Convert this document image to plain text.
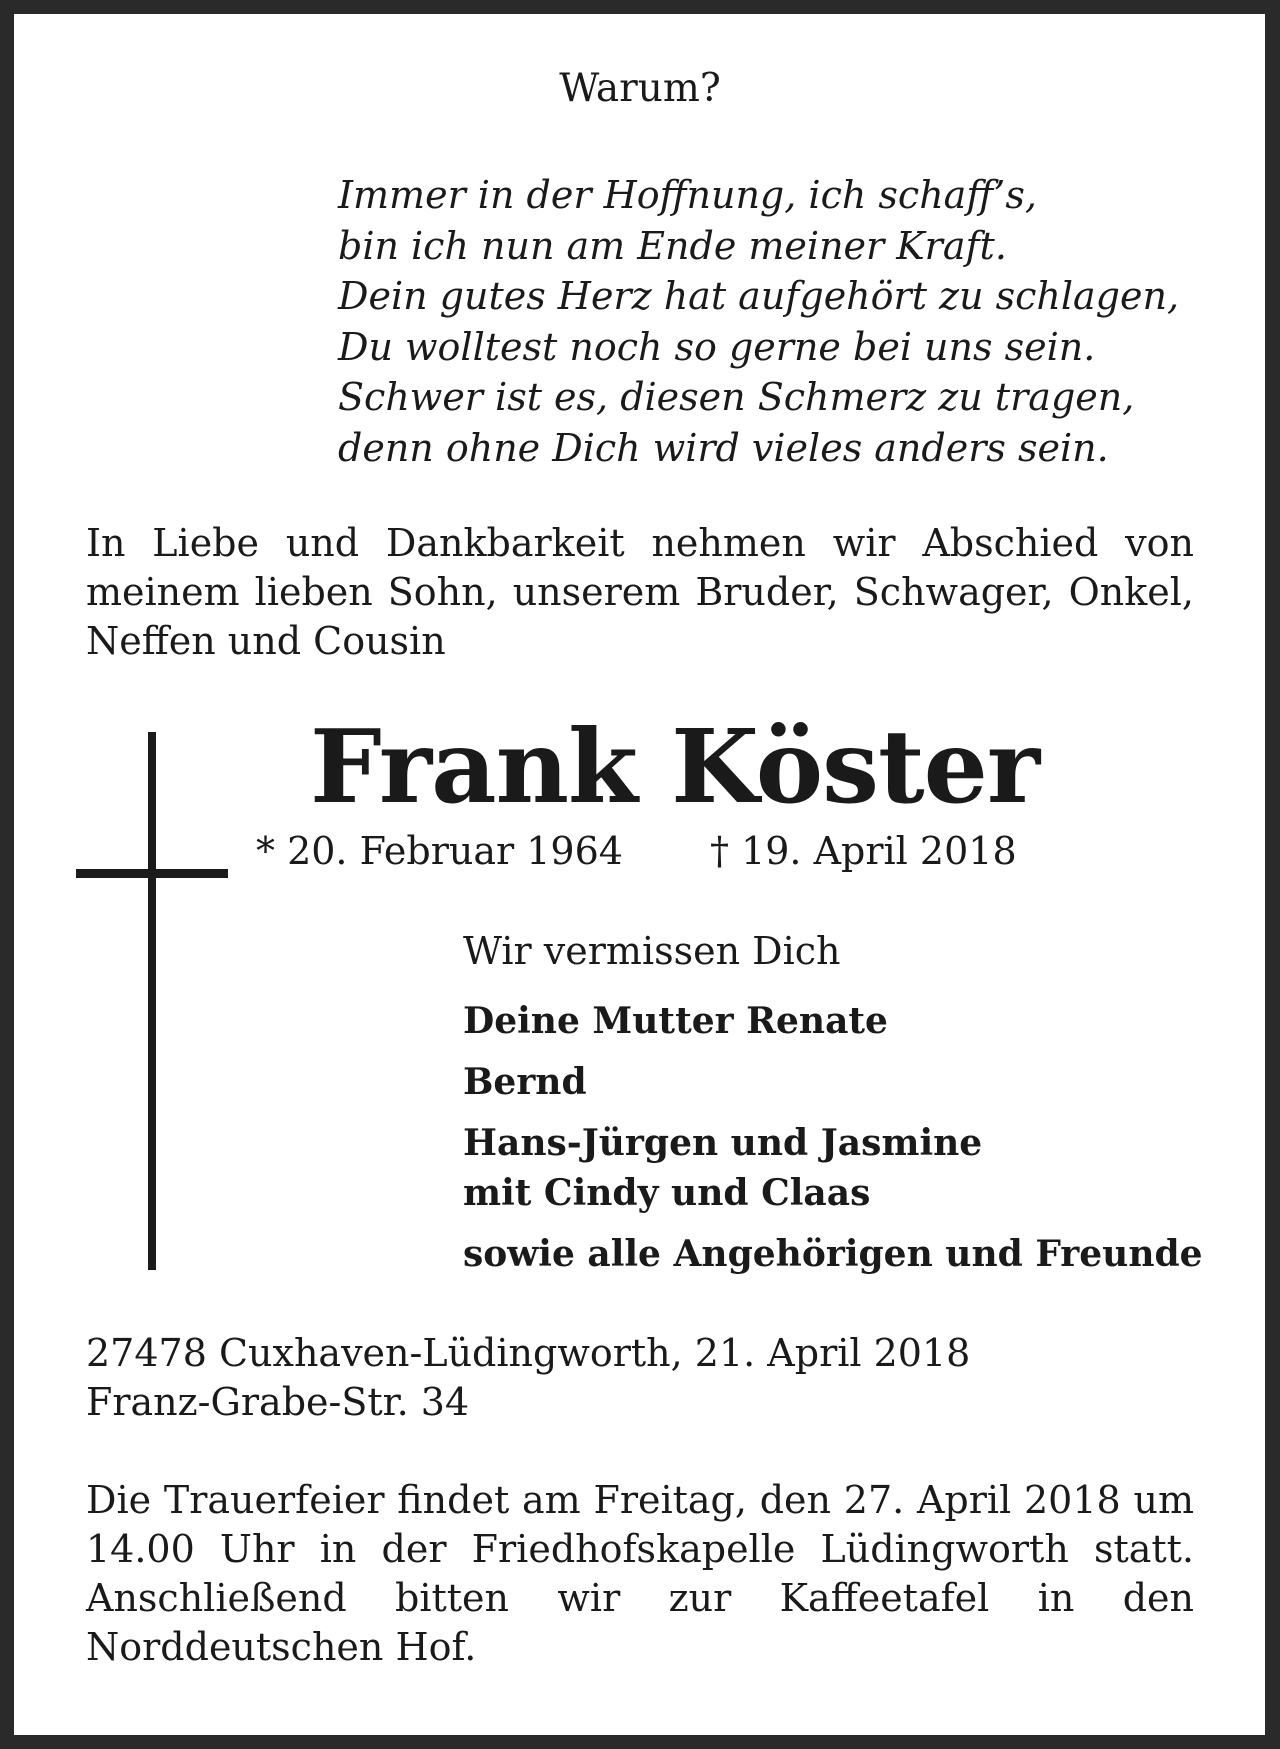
Warum?

Immer in der Hoffnung, ich schaff’s,
bin ich nun am Ende meiner Kraft.
Dein gutes Herz hat aufgehört zu schlagen,
Du wolltest noch so gerne bei uns sein.
Schwer ist es, diesen Schmerz zu tragen,
denn ohne Dich wird vieles anders sein.

In Liebe und Dankbarkeit nehmen wir Abschied von meinem lieben Sohn, unserem Bruder, Schwager, Onkel, Neffen und Cousin

Frank Köster
* 20. Februar 1964 † 19. April 2018
Wir vermissen Dich
Deine Mutter Renate
Bernd
Hans-Jürgen und Jasmine
mit Cindy und Claas
sowie alle Angehörigen und Freunde
27478 Cuxhaven-Lüdingworth, 21. April 2018
Franz-Grabe-Str. 34

Die Trauerfeier findet am Freitag, den 27. April 2018 um 14.00 Uhr in der Friedhofskapelle Lüdingworth statt. Anschließend bitten wir zur Kaffeetafel in den Norddeutschen Hof.
